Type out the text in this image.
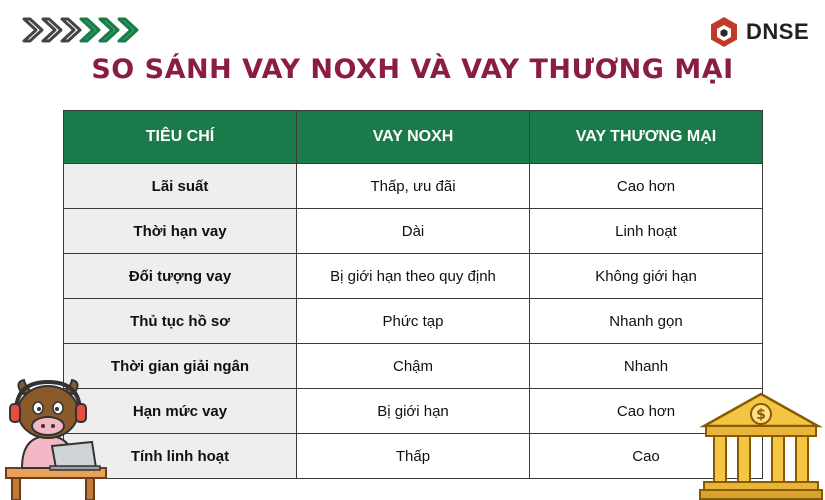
DNSE
SO SÁNH VAY NOXH VÀ VAY THƯƠNG MẠI
TIÊU CHÍ	VAY NOXH	VAY THƯƠNG MẠI
Lãi suất	Thấp, ưu đãi	Cao hơn
Thời hạn vay	Dài	Linh hoạt
Đối tượng vay	Bị giới hạn theo quy định	Không giới hạn
Thủ tục hồ sơ	Phức tạp	Nhanh gọn
Thời gian giải ngân	Chậm	Nhanh
Hạn mức vay	Bị giới hạn	Cao hơn
Tính linh hoạt	Thấp	Cao
$
